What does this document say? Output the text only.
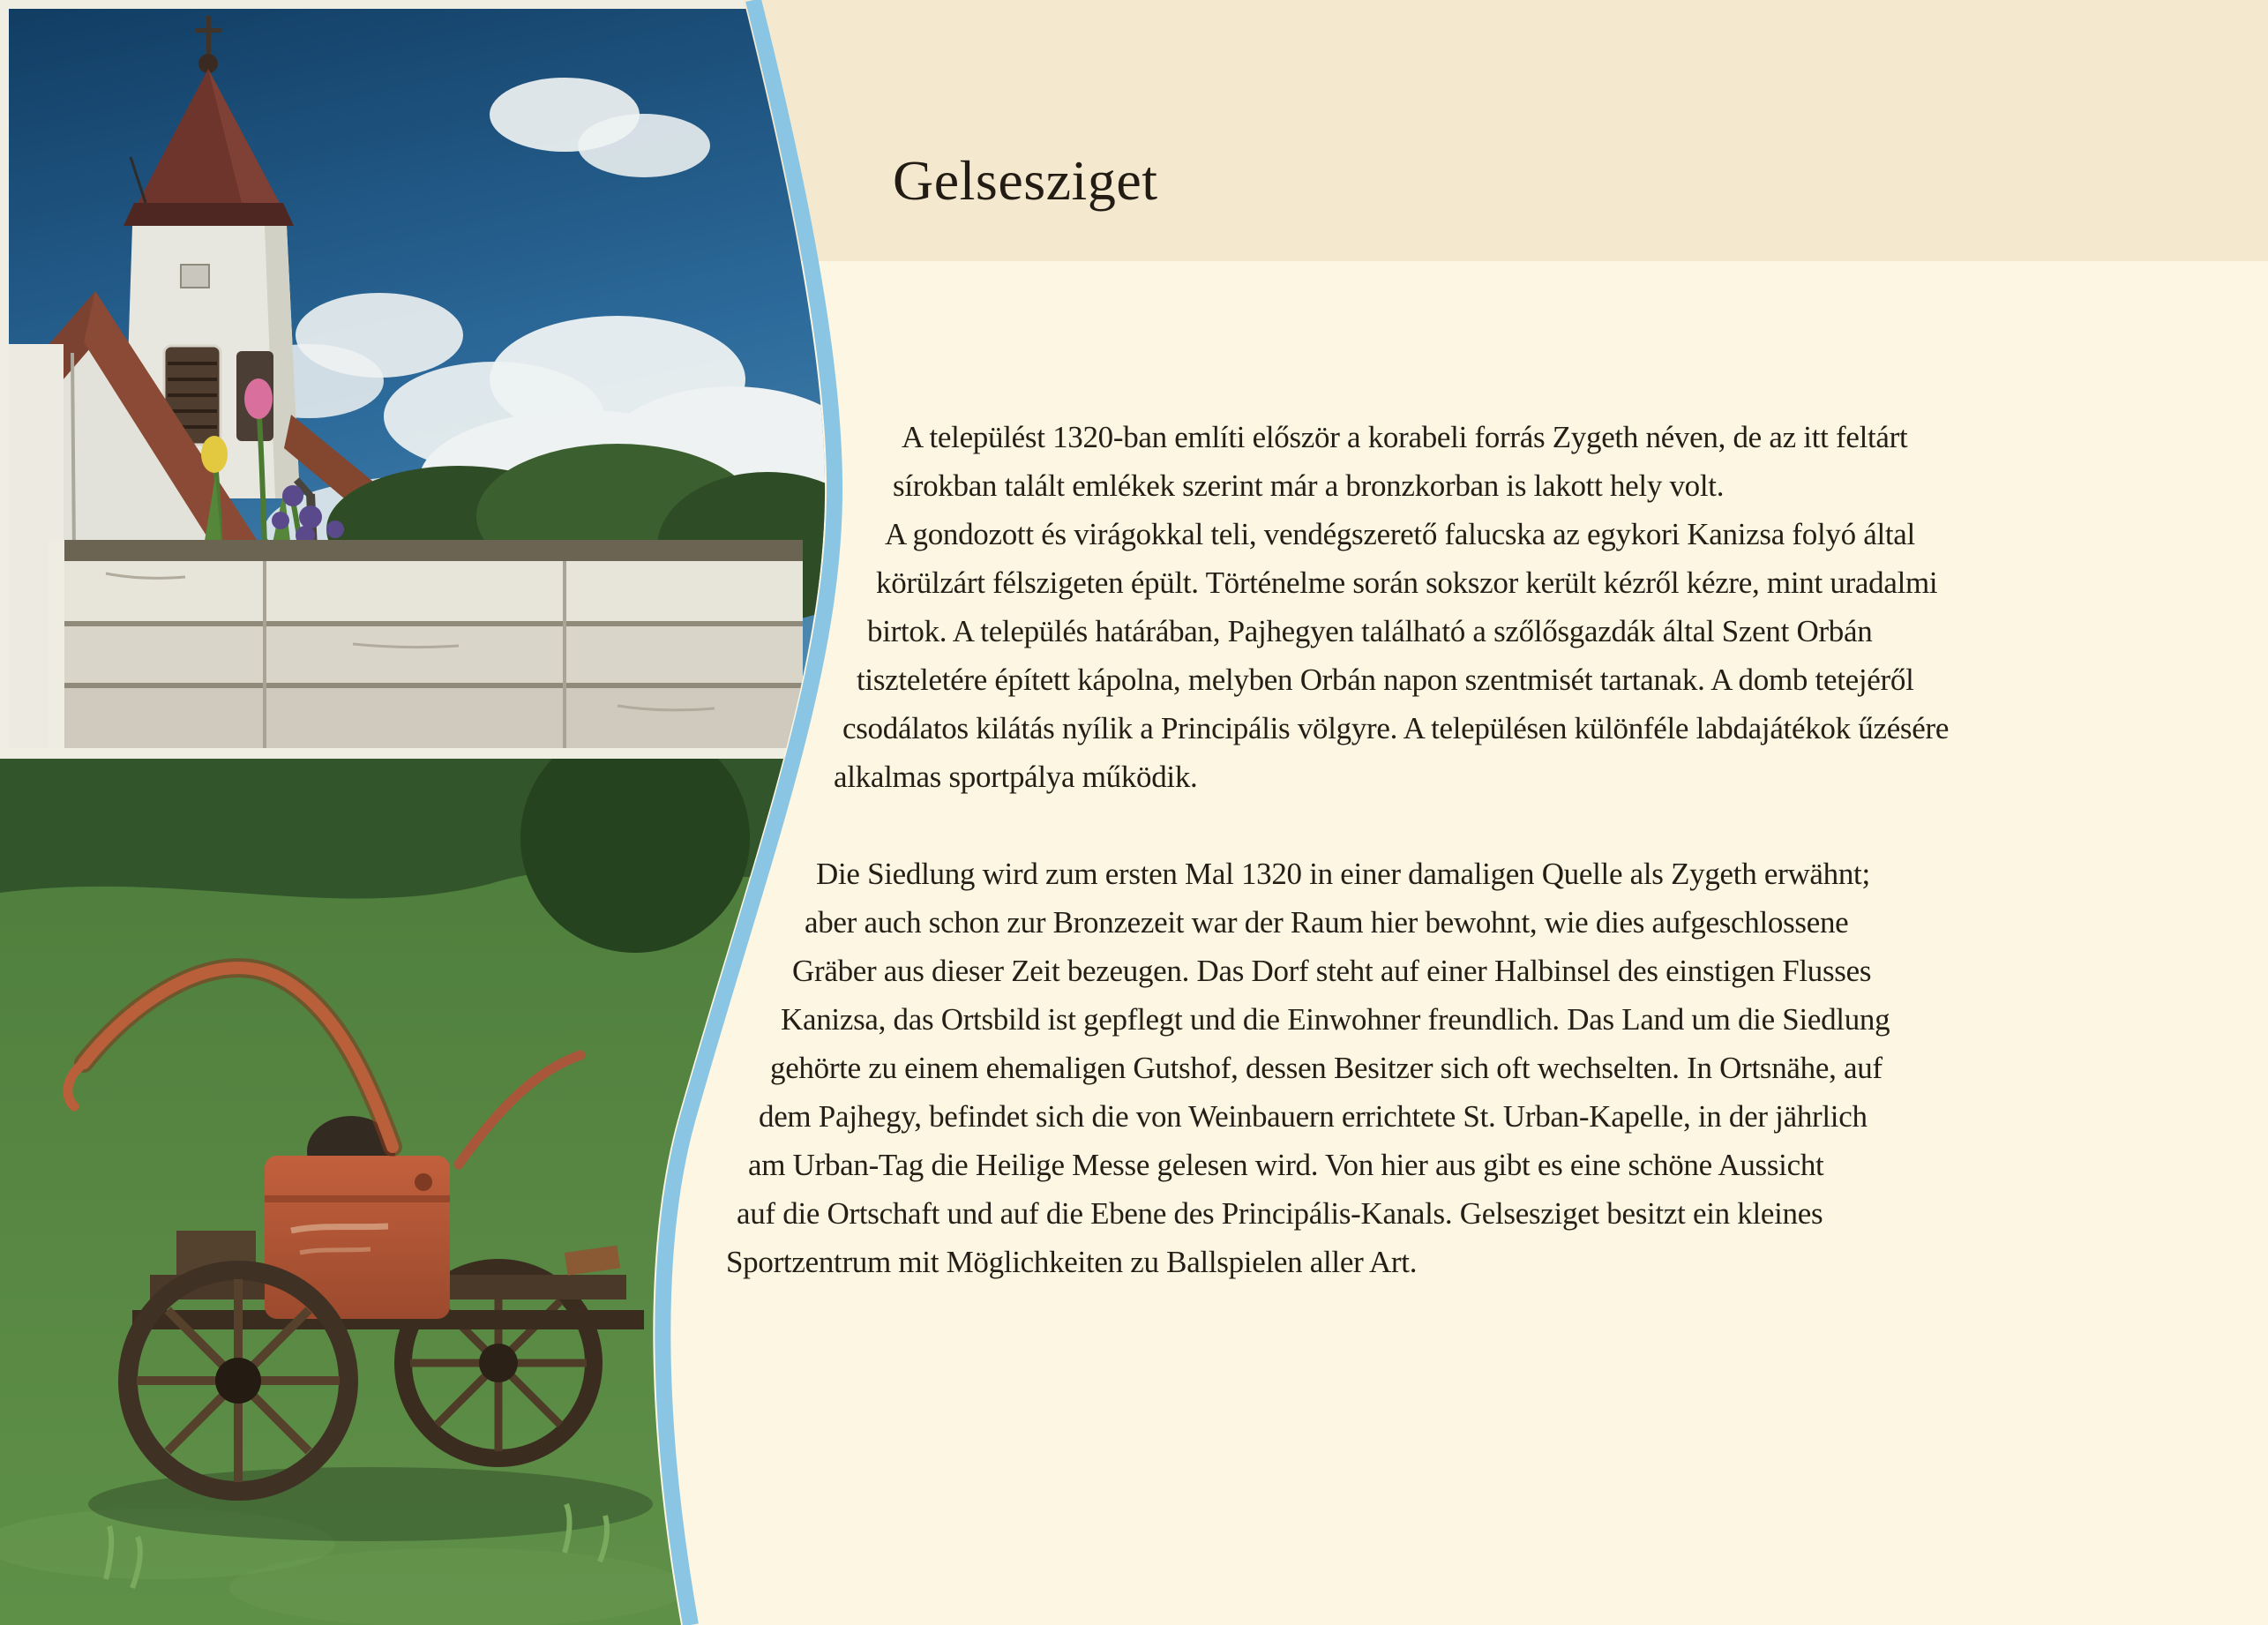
Gelsesziget
A települést 1320-ban említi először a korabeli forrás Zygeth néven, de az itt feltárt
sírokban talált emlékek szerint már a bronzkorban is lakott hely volt.
A gondozott és virágokkal teli, vendégszerető falucska az egykori Kanizsa folyó által
körülzárt félszigeten épült. Történelme során sokszor került kézről kézre, mint uradalmi
birtok. A település határában, Pajhegyen található a szőlősgazdák által Szent Orbán
tiszteletére épített kápolna, melyben Orbán napon szentmisét tartanak. A domb tetejéről
csodálatos kilátás nyílik a Principális völgyre. A településen különféle labdajátékok űzésére
alkalmas sportpálya működik.
Die Siedlung wird zum ersten Mal 1320 in einer damaligen Quelle als Zygeth erwähnt;
aber auch schon zur Bronzezeit war der Raum hier bewohnt, wie dies aufgeschlossene
Gräber aus dieser Zeit bezeugen. Das Dorf steht auf einer Halbinsel des einstigen Flusses
Kanizsa, das Ortsbild ist gepflegt und die Einwohner freundlich. Das Land um die Siedlung
gehörte zu einem ehemaligen Gutshof, dessen Besitzer sich oft wechselten. In Ortsnähe, auf
dem Pajhegy, befindet sich die von Weinbauern errichtete St. Urban-Kapelle, in der jährlich
am Urban-Tag die Heilige Messe gelesen wird. Von hier aus gibt es eine schöne Aussicht
auf die Ortschaft und auf die Ebene des Principális-Kanals. Gelsesziget besitzt ein kleines
Sportzentrum mit Möglichkeiten zu Ballspielen aller Art.
